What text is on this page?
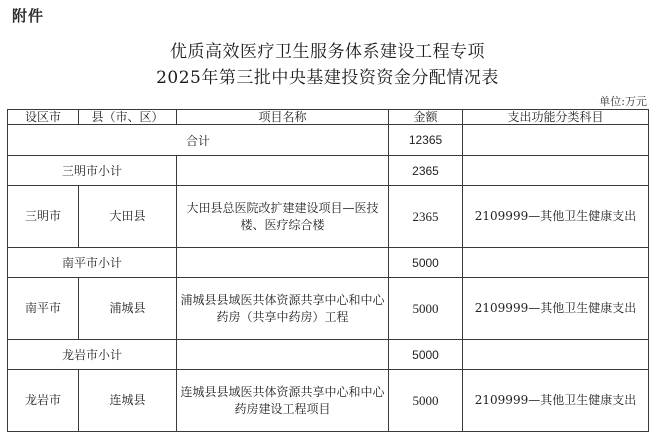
附件
优质高效医疗卫生服务体系建设工程专项
2025年第三批中央基建投资资金分配情况表
单位:万元
设区市	县（市、区）	项目名称	金额	支出功能分类科目
合计			12365	
三明市小计			2365	
三明市	大田县	大田县总医院改扩建建设项目—医技楼、医疗综合楼	2365	2109999—其他卫生健康支出
南平市小计			5000	
南平市	浦城县	浦城县县域医共体资源共享中心和中心药房（共享中药房）工程	5000	2109999—其他卫生健康支出
龙岩市小计			5000	
龙岩市	连城县	连城县县域医共体资源共享中心和中心药房建设工程项目	5000	2109999—其他卫生健康支出
